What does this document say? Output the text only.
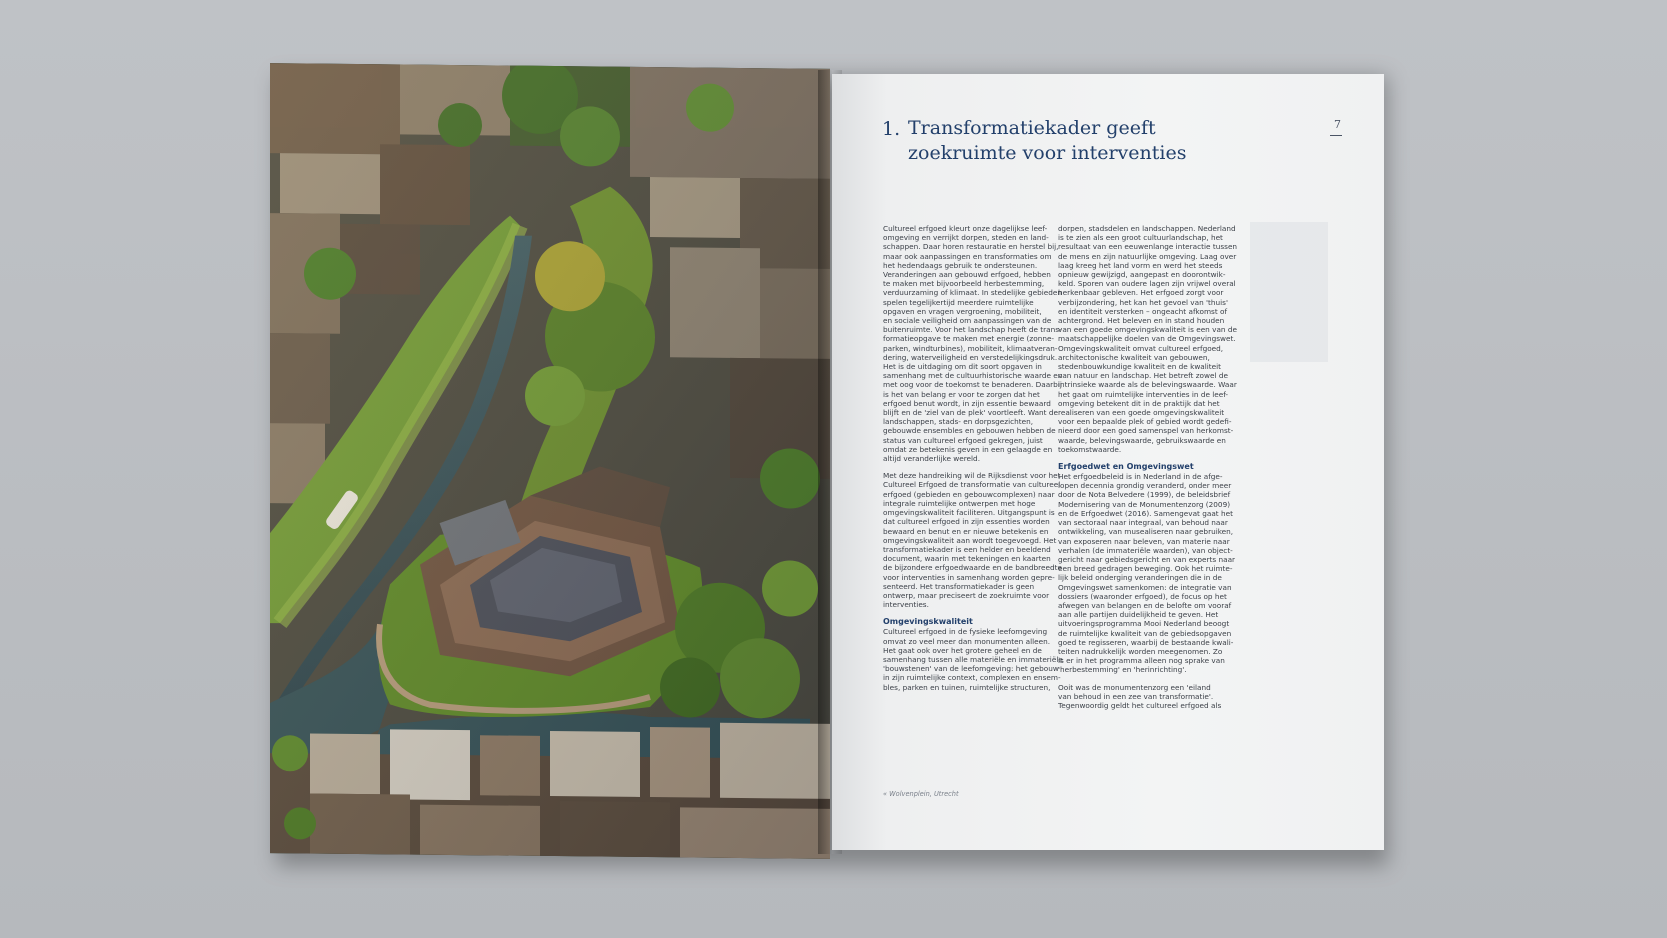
7
1. Transformatiekader geeft
zoekruimte voor interventies

Cultureel erfgoed kleurt onze dagelijkse leef-
omgeving en verrijkt dorpen, steden en land-
schappen. Daar horen restauratie en herstel bij,
maar ook aanpassingen en transformaties om
het hedendaags gebruik te ondersteunen.
Veranderingen aan gebouwd erfgoed, hebben
te maken met bijvoorbeeld herbestemming,
verduurzaming of klimaat. In stedelijke gebieden
spelen tegelijkertijd meerdere ruimtelijke
opgaven en vragen vergroening, mobiliteit,
en sociale veiligheid om aanpassingen van de
buitenruimte. Voor het landschap heeft de trans-
formatieopgave te maken met energie (zonne-
parken, windturbines), mobiliteit, klimaatveran-
dering, waterveiligheid en verstedelijkingsdruk.
Het is de uitdaging om dit soort opgaven in
samenhang met de cultuurhistorische waarde en
met oog voor de toekomst te benaderen. Daarbij
is het van belang er voor te zorgen dat het
erfgoed benut wordt, in zijn essentie bewaard
blijft en de 'ziel van de plek' voortleeft. Want de
landschappen, stads- en dorpsgezichten,
gebouwde ensembles en gebouwen hebben de
status van cultureel erfgoed gekregen, juist
omdat ze betekenis geven in een gelaagde en
altijd veranderlijke wereld.

Met deze handreiking wil de Rijksdienst voor het
Cultureel Erfgoed de transformatie van cultureel
erfgoed (gebieden en gebouwcomplexen) naar
integrale ruimtelijke ontwerpen met hoge
omgevingskwaliteit faciliteren. Uitgangspunt is
dat cultureel erfgoed in zijn essenties worden
bewaard en benut en er nieuwe betekenis en
omgevingskwaliteit aan wordt toegevoegd. Het
transformatiekader is een helder en beeldend
document, waarin met tekeningen en kaarten
de bijzondere erfgoedwaarde en de bandbreedte
voor interventies in samenhang worden gepre-
senteerd. Het transformatiekader is geen
ontwerp, maar preciseert de zoekruimte voor
interventies.

Omgevingskwaliteit

Cultureel erfgoed in de fysieke leefomgeving
omvat zo veel meer dan monumenten alleen.
Het gaat ook over het grotere geheel en de
samenhang tussen alle materiële en immateriële
'bouwstenen' van de leefomgeving: het gebouw
in zijn ruimtelijke context, complexen en ensem-
bles, parken en tuinen, ruimtelijke structuren,

dorpen, stadsdelen en landschappen. Nederland
is te zien als een groot cultuurlandschap, het
resultaat van een eeuwenlange interactie tussen
de mens en zijn natuurlijke omgeving. Laag over
laag kreeg het land vorm en werd het steeds
opnieuw gewijzigd, aangepast en doorontwik-
keld. Sporen van oudere lagen zijn vrijwel overal
herkenbaar gebleven. Het erfgoed zorgt voor
verbijzondering, het kan het gevoel van 'thuis'
en identiteit versterken – ongeacht afkomst of
achtergrond. Het beleven en in stand houden
van een goede omgevingskwaliteit is een van de
maatschappelijke doelen van de Omgevingswet.
Omgevingskwaliteit omvat cultureel erfgoed,
architectonische kwaliteit van gebouwen,
stedenbouwkundige kwaliteit en de kwaliteit
van natuur en landschap. Het betreft zowel de
intrinsieke waarde als de belevingswaarde. Waar
het gaat om ruimtelijke interventies in de leef-
omgeving betekent dit in de praktijk dat het
realiseren van een goede omgevingskwaliteit
voor een bepaalde plek of gebied wordt gedefi-
nieerd door een goed samenspel van herkomst-
waarde, belevingswaarde, gebruikswaarde en
toekomstwaarde.

Erfgoedwet en Omgevingswet

Het erfgoedbeleid is in Nederland in de afge-
lopen decennia grondig veranderd, onder meer
door de Nota Belvedere (1999), de beleidsbrief
Modernisering van de Monumentenzorg (2009)
en de Erfgoedwet (2016). Samengevat gaat het
van sectoraal naar integraal, van behoud naar
ontwikkeling, van musealiseren naar gebruiken,
van exposeren naar beleven, van materie naar
verhalen (de immateriële waarden), van object-
gericht naar gebiedsgericht en van experts naar
een breed gedragen beweging. Ook het ruimte-
lijk beleid onderging veranderingen die in de
Omgevingswet samenkomen: de integratie van
dossiers (waaronder erfgoed), de focus op het
afwegen van belangen en de belofte om vooraf
aan alle partijen duidelijkheid te geven. Het
uitvoeringsprogramma Mooi Nederland beoogt
de ruimtelijke kwaliteit van de gebiedsopgaven
goed te regisseren, waarbij de bestaande kwali-
teiten nadrukkelijk worden meegenomen. Zo
is er in het programma alleen nog sprake van
'herbestemming' en 'herinrichting'.

Ooit was de monumentenzorg een 'eiland
van behoud in een zee van transformatie'.
Tegenwoordig geldt het cultureel erfgoed als

« Wolvenplein, Utrecht
